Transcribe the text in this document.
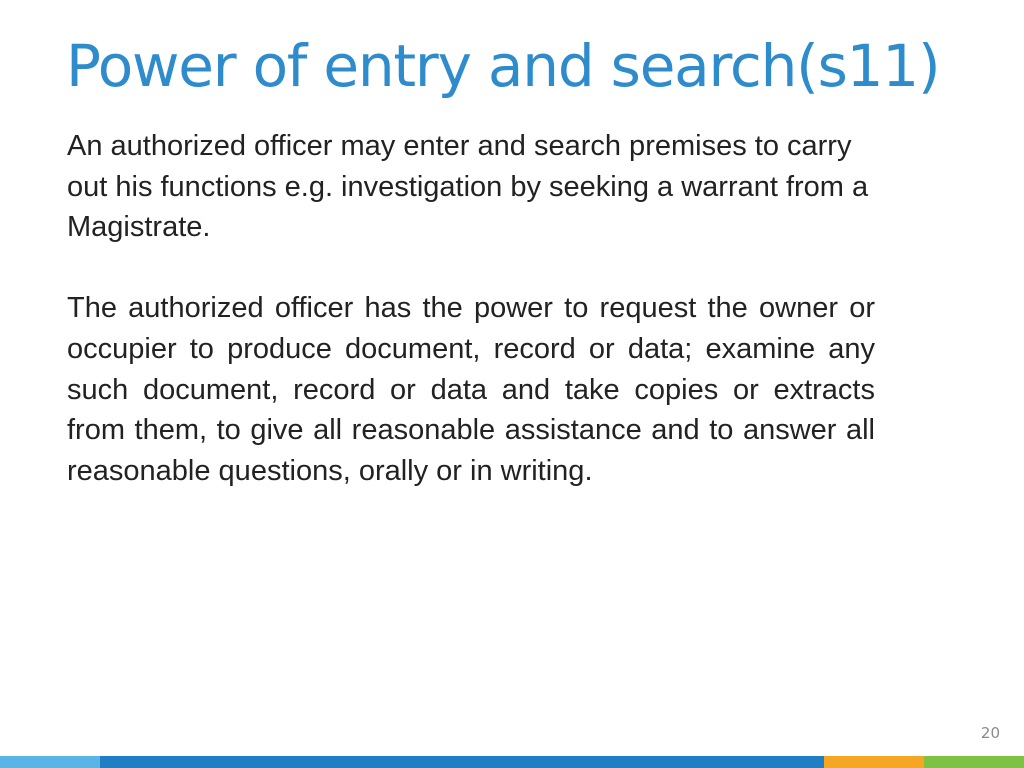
Power of entry and search(s11)

An authorized officer may enter and search premises to carry out his functions e.g. investigation by seeking a warrant from a Magistrate.

The authorized officer has the power to request the owner or occupier to produce document, record or data; examine any such document, record or data and take copies or extracts from them, to give all reasonable assistance and to answer all reasonable questions, orally or in writing.

20
